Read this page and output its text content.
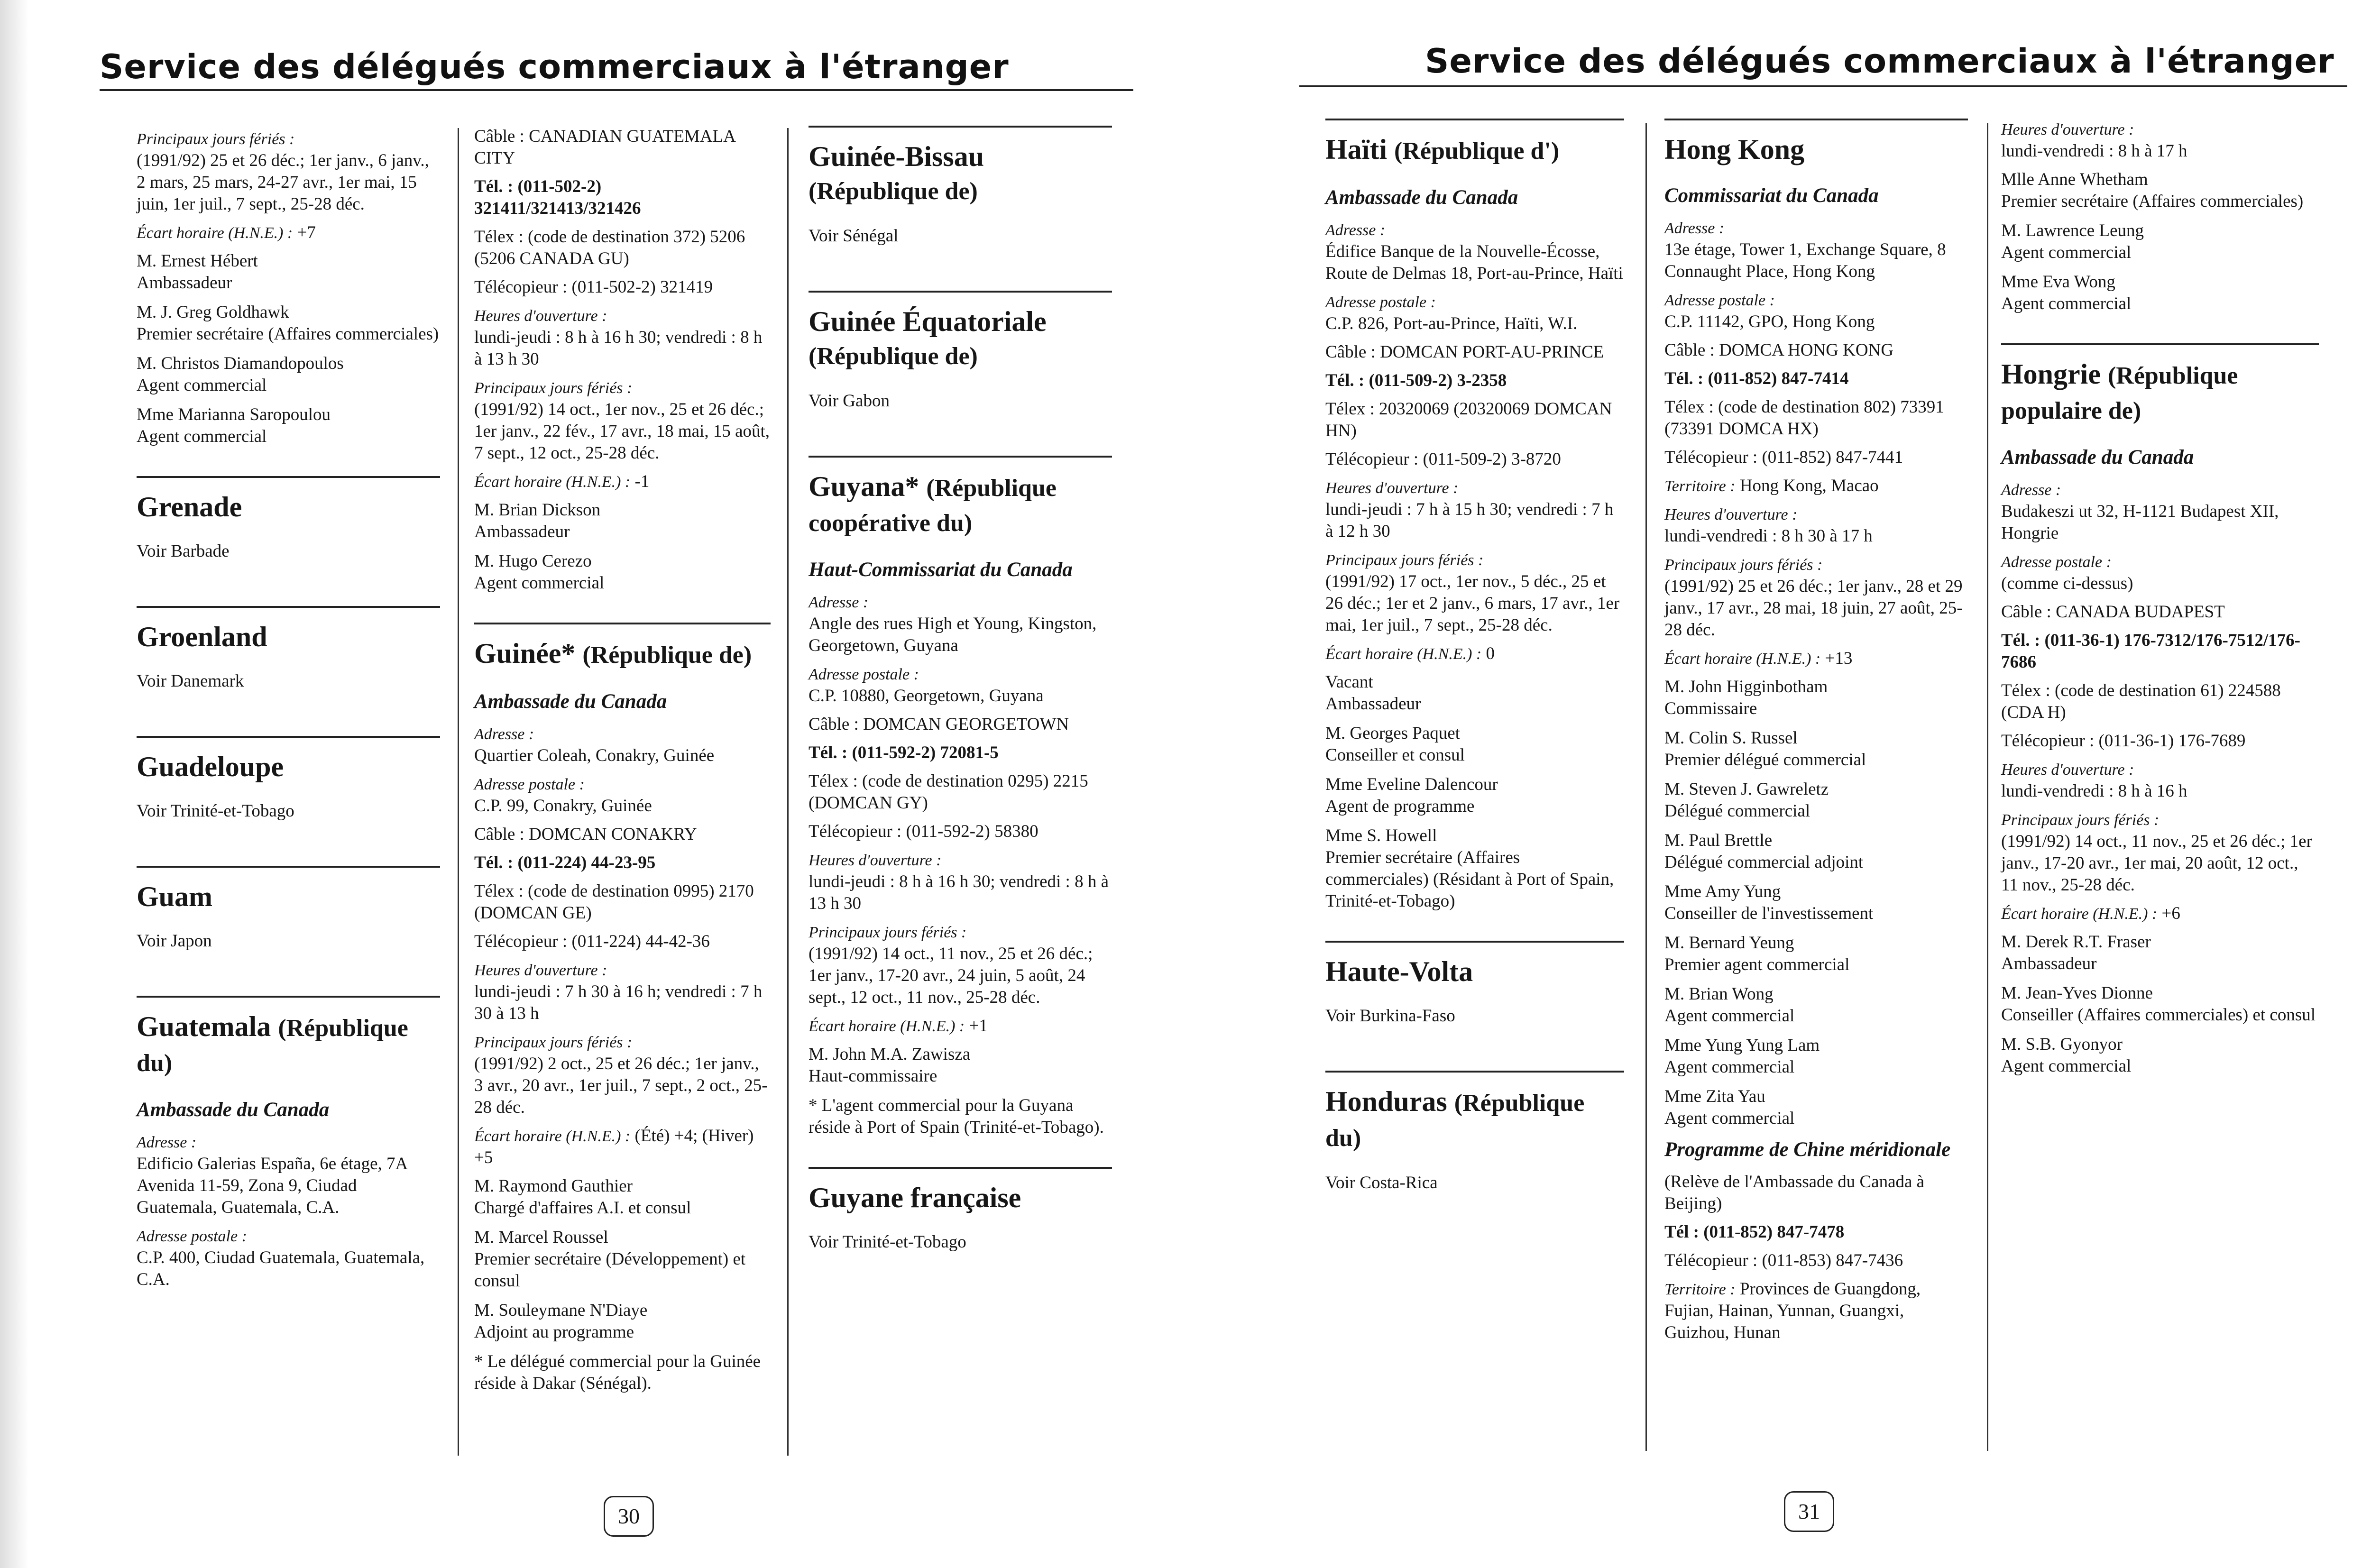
Service des délégués commerciaux à l'étranger
Principaux jours fériés :
(1991/92) 25 et 26 déc.; 1er janv., 6 janv., 2 mars, 25 mars, 24-27 avr., 1er mai, 15 juin, 1er juil., 7 sept., 25-28 déc.
Écart horaire (H.N.E.) : +7
M. Ernest Hébert
Ambassadeur
M. J. Greg Goldhawk
Premier secrétaire (Affaires commerciales)
M. Christos Diamandopoulos
Agent commercial
Mme Marianna Saropoulou
Agent commercial
Grenade
Voir Barbade
Groenland
Voir Danemark
Guadeloupe
Voir Trinité-et-Tobago
Guam
Voir Japon
Guatemala (République du)
Ambassade du Canada
Adresse :
Edificio Galerias España, 6e étage, 7A Avenida 11-59, Zona 9, Ciudad Guatemala, Guatemala, C.A.
Adresse postale :
C.P. 400, Ciudad Guatemala, Guatemala, C.A.
Câble : CANADIAN GUATEMALA CITY
Tél. : (011-502-2) 321411/321413/321426
Télex : (code de destination 372) 5206 (5206 CANADA GU)
Télécopieur : (011-502-2) 321419
Heures d'ouverture :
lundi-jeudi : 8 h à 16 h 30; vendredi : 8 h à 13 h 30
Principaux jours fériés :
(1991/92) 14 oct., 1er nov., 25 et 26 déc.; 1er janv., 22 fév., 17 avr., 18 mai, 15 août, 7 sept., 12 oct., 25-28 déc.
Écart horaire (H.N.E.) : -1
M. Brian Dickson
Ambassadeur
M. Hugo Cerezo
Agent commercial
Guinée* (République de)
Ambassade du Canada
Adresse :
Quartier Coleah, Conakry, Guinée
Adresse postale :
C.P. 99, Conakry, Guinée
Câble : DOMCAN CONAKRY
Tél. : (011-224) 44-23-95
Télex : (code de destination 0995) 2170 (DOMCAN GE)
Télécopieur : (011-224) 44-42-36
Heures d'ouverture :
lundi-jeudi : 7 h 30 à 16 h; vendredi : 7 h 30 à 13 h
Principaux jours fériés :
(1991/92) 2 oct., 25 et 26 déc.; 1er janv., 3 avr., 20 avr., 1er juil., 7 sept., 2 oct., 25-28 déc.
Écart horaire (H.N.E.) : (Été) +4; (Hiver) +5
M. Raymond Gauthier
Chargé d'affaires A.I. et consul
M. Marcel Roussel
Premier secrétaire (Développement) et consul
M. Souleymane N'Diaye
Adjoint au programme
* Le délégué commercial pour la Guinée réside à Dakar (Sénégal).
Guinée-Bissau (République de)
Voir Sénégal
Guinée Équatoriale (République de)
Voir Gabon
Guyana* (République coopérative du)
Haut-Commissariat du Canada
Adresse :
Angle des rues High et Young, Kingston, Georgetown, Guyana
Adresse postale :
C.P. 10880, Georgetown, Guyana
Câble : DOMCAN GEORGETOWN
Tél. : (011-592-2) 72081-5
Télex : (code de destination 0295) 2215 (DOMCAN GY)
Télécopieur : (011-592-2) 58380
Heures d'ouverture :
lundi-jeudi : 8 h à 16 h 30; vendredi : 8 h à 13 h 30
Principaux jours fériés :
(1991/92) 14 oct., 11 nov., 25 et 26 déc.; 1er janv., 17-20 avr., 24 juin, 5 août, 24 sept., 12 oct., 11 nov., 25-28 déc.
Écart horaire (H.N.E.) : +1
M. John M.A. Zawisza
Haut-commissaire
* L'agent commercial pour la Guyana réside à Port of Spain (Trinité-et-Tobago).
Guyane française
Voir Trinité-et-Tobago
30
Service des délégués commerciaux à l'étranger
Haïti (République d')
Ambassade du Canada
Adresse :
Édifice Banque de la Nouvelle-Écosse, Route de Delmas 18, Port-au-Prince, Haïti
Adresse postale :
C.P. 826, Port-au-Prince, Haïti, W.I.
Câble : DOMCAN PORT-AU-PRINCE
Tél. : (011-509-2) 3-2358
Télex : 20320069 (20320069 DOMCAN HN)
Télécopieur : (011-509-2) 3-8720
Heures d'ouverture :
lundi-jeudi : 7 h à 15 h 30; vendredi : 7 h à 12 h 30
Principaux jours fériés :
(1991/92) 17 oct., 1er nov., 5 déc., 25 et 26 déc.; 1er et 2 janv., 6 mars, 17 avr., 1er mai, 1er juil., 7 sept., 25-28 déc.
Écart horaire (H.N.E.) : 0
Vacant
Ambassadeur
M. Georges Paquet
Conseiller et consul
Mme Eveline Dalencour
Agent de programme
Mme S. Howell
Premier secrétaire (Affaires commerciales) (Résidant à Port of Spain, Trinité-et-Tobago)
Haute-Volta
Voir Burkina-Faso
Honduras (République du)
Voir Costa-Rica
Hong Kong
Commissariat du Canada
Adresse :
13e étage, Tower 1, Exchange Square, 8 Connaught Place, Hong Kong
Adresse postale :
C.P. 11142, GPO, Hong Kong
Câble : DOMCA HONG KONG
Tél. : (011-852) 847-7414
Télex : (code de destination 802) 73391 (73391 DOMCA HX)
Télécopieur : (011-852) 847-7441
Territoire : Hong Kong, Macao
Heures d'ouverture :
lundi-vendredi : 8 h 30 à 17 h
Principaux jours fériés :
(1991/92) 25 et 26 déc.; 1er janv., 28 et 29 janv., 17 avr., 28 mai, 18 juin, 27 août, 25-28 déc.
Écart horaire (H.N.E.) : +13
M. John Higginbotham
Commissaire
M. Colin S. Russel
Premier délégué commercial
M. Steven J. Gawreletz
Délégué commercial
M. Paul Brettle
Délégué commercial adjoint
Mme Amy Yung
Conseiller de l'investissement
M. Bernard Yeung
Premier agent commercial
M. Brian Wong
Agent commercial
Mme Yung Yung Lam
Agent commercial
Mme Zita Yau
Agent commercial
Programme de Chine méridionale
(Relève de l'Ambassade du Canada à Beijing)
Tél : (011-852) 847-7478
Télécopieur : (011-853) 847-7436
Territoire : Provinces de Guangdong, Fujian, Hainan, Yunnan, Guangxi, Guizhou, Hunan
Heures d'ouverture :
lundi-vendredi : 8 h à 17 h
Mlle Anne Whetham
Premier secrétaire (Affaires commerciales)
M. Lawrence Leung
Agent commercial
Mme Eva Wong
Agent commercial
Hongrie (République populaire de)
Ambassade du Canada
Adresse :
Budakeszi ut 32, H-1121 Budapest XII, Hongrie
Adresse postale :
(comme ci-dessus)
Câble : CANADA BUDAPEST
Tél. : (011-36-1) 176-7312/176-7512/176-7686
Télex : (code de destination 61) 224588 (CDA H)
Télécopieur : (011-36-1) 176-7689
Heures d'ouverture :
lundi-vendredi : 8 h à 16 h
Principaux jours fériés :
(1991/92) 14 oct., 11 nov., 25 et 26 déc.; 1er janv., 17-20 avr., 1er mai, 20 août, 12 oct., 11 nov., 25-28 déc.
Écart horaire (H.N.E.) : +6
M. Derek R.T. Fraser
Ambassadeur
M. Jean-Yves Dionne
Conseiller (Affaires commerciales) et consul
M. S.B. Gyonyor
Agent commercial
31
